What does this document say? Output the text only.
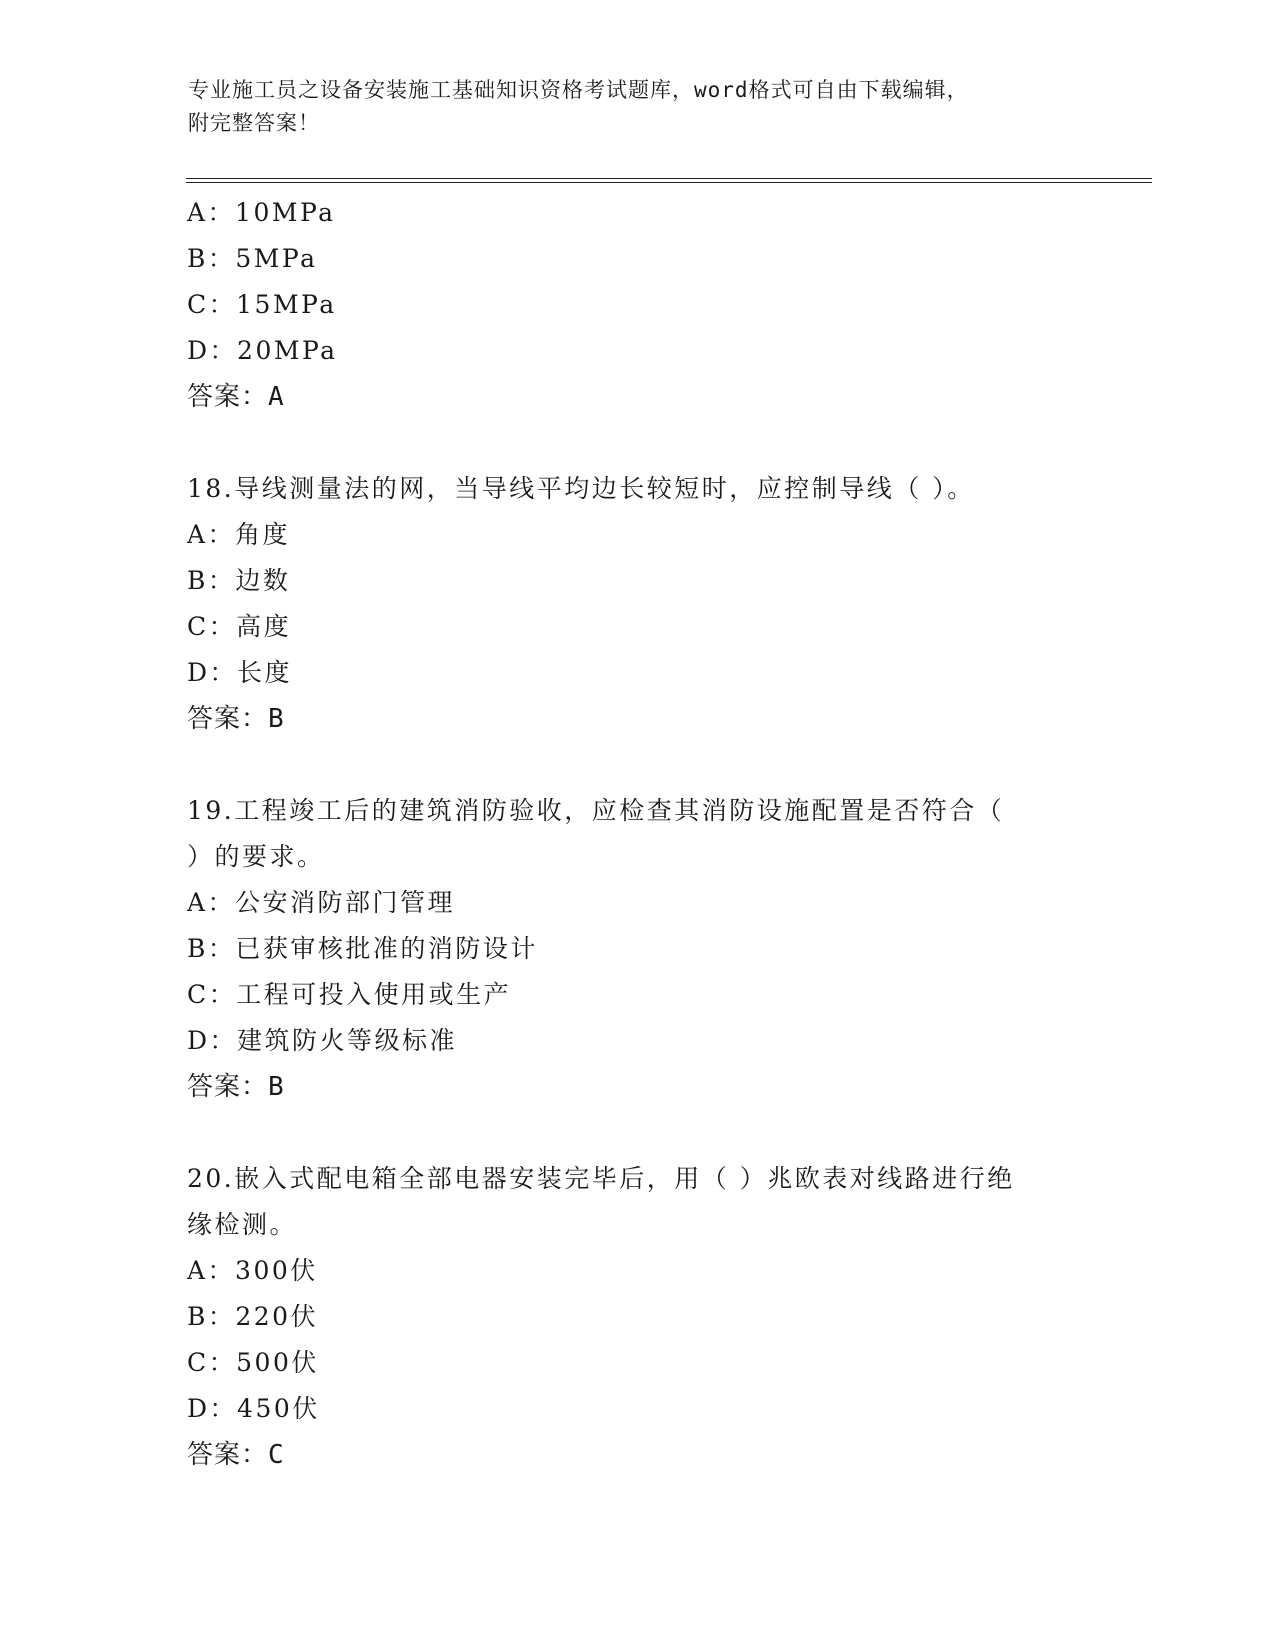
专业施工员之设备安装施工基础知识资格考试题库，word格式可自由下载编辑，
附完整答案！
A：10MPa
B：5MPa
C：15MPa
D：20MPa
答案：A
18.导线测量法的网，当导线平均边长较短时，应控制导线（ ）。
A：角度
B：边数
C：高度
D：长度
答案：B
19.工程竣工后的建筑消防验收，应检查其消防设施配置是否符合（
）的要求。
A：公安消防部门管理
B：已获审核批准的消防设计
C：工程可投入使用或生产
D：建筑防火等级标准
答案：B
20.嵌入式配电箱全部电器安装完毕后，用（ ）兆欧表对线路进行绝
缘检测。
A：300伏
B：220伏
C：500伏
D：450伏
答案：C
